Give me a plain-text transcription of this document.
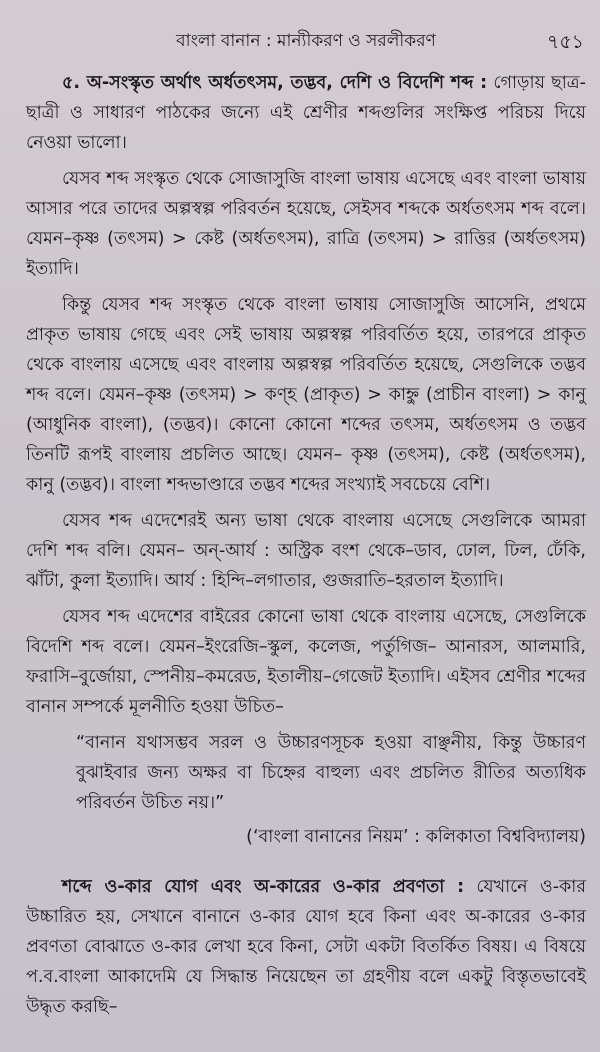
বাংলা বানান : মান্যীকরণ ও সরলীকরণ	৭৫১

৫. অ-সংস্কৃত অর্থাৎ অর্ধতৎসম, তদ্ভব, দেশি ও বিদেশি শব্দ : গোড়ায় ছাত্র-ছাত্রী ও সাধারণ পাঠকের জন্যে এই শ্রেণীর শব্দগুলির সংক্ষিপ্ত পরিচয় দিয়ে নেওয়া ভালো।

যেসব শব্দ সংস্কৃত থেকে সোজাসুজি বাংলা ভাষায় এসেছে এবং বাংলা ভাষায় আসার পরে তাদের অল্পস্বল্প পরিবর্তন হয়েছে, সেইসব শব্দকে অর্ধতৎসম শব্দ বলে। যেমন–কৃষ্ণ (তৎসম) > কেষ্ট (অর্ধতৎসম), রাত্রি (তৎসম) > রাত্তির (অর্ধতৎসম) ইত্যাদি।

কিন্তু যেসব শব্দ সংস্কৃত থেকে বাংলা ভাষায় সোজাসুজি আসেনি, প্রথমে প্রাকৃত ভাষায় গেছে এবং সেই ভাষায় অল্পস্বল্প পরিবর্তিত হয়ে, তারপরে প্রাকৃত থেকে বাংলায় এসেছে এবং বাংলায় অল্পস্বল্প পরিবর্তিত হয়েছে, সেগুলিকে তদ্ভব শব্দ বলে। যেমন–কৃষ্ণ (তৎসম) > কণ্হ (প্রাকৃত) > কাহ্নু (প্রাচীন বাংলা) > কানু (আধুনিক বাংলা), (তদ্ভব)। কোনো কোনো শব্দের তৎসম, অর্ধতৎসম ও তদ্ভব তিনটি রূপই বাংলায় প্রচলিত আছে। যেমন– কৃষ্ণ (তৎসম), কেষ্ট (অর্ধতৎসম), কানু (তদ্ভব)। বাংলা শব্দভাণ্ডারে তদ্ভব শব্দের সংখ্যাই সবচেয়ে বেশি।

যেসব শব্দ এদেশেরই অন্য ভাষা থেকে বাংলায় এসেছে সেগুলিকে আমরা দেশি শব্দ বলি। যেমন– অন্-আর্য : অস্ট্রিক বংশ থেকে–ডাব, ঢোল, ঢিল, ঢেঁকি, ঝাঁটা, কুলা ইত্যাদি। আর্য : হিন্দি–লগাতার, গুজরাতি–হরতাল ইত্যাদি।

যেসব শব্দ এদেশের বাইরের কোনো ভাষা থেকে বাংলায় এসেছে, সেগুলিকে বিদেশি শব্দ বলে। যেমন–ইংরেজি–স্কুল, কলেজ, পর্তুগিজ– আনারস, আলমারি, ফরাসি–বুর্জোয়া, স্পেনীয়–কমরেড, ইতালীয়–গেজেট ইত্যাদি। এইসব শ্রেণীর শব্দের বানান সম্পর্কে মূলনীতি হওয়া উচিত–

“বানান যথাসম্ভব সরল ও উচ্চারণসূচক হওয়া বাঞ্ছনীয়, কিন্তু উচ্চারণ বুঝাইবার জন্য অক্ষর বা চিহ্নের বাহুল্য এবং প্রচলিত রীতির অত্যধিক পরিবর্তন উচিত নয়।”

(‘বাংলা বানানের নিয়ম’ : কলিকাতা বিশ্ববিদ্যালয়)

শব্দে ও-কার যোগ এবং অ-কারের ও-কার প্রবণতা : যেখানে ও-কার উচ্চারিত হয়, সেখানে বানানে ও-কার যোগ হবে কিনা এবং অ-কারের ও-কার প্রবণতা বোঝাতে ও-কার লেখা হবে কিনা, সেটা একটা বিতর্কিত বিষয়। এ বিষয়ে প.ব.বাংলা আকাদেমি যে সিদ্ধান্ত নিয়েছেন তা গ্রহণীয় বলে একটু বিস্তৃতভাবেই উদ্ধৃত করছি–
